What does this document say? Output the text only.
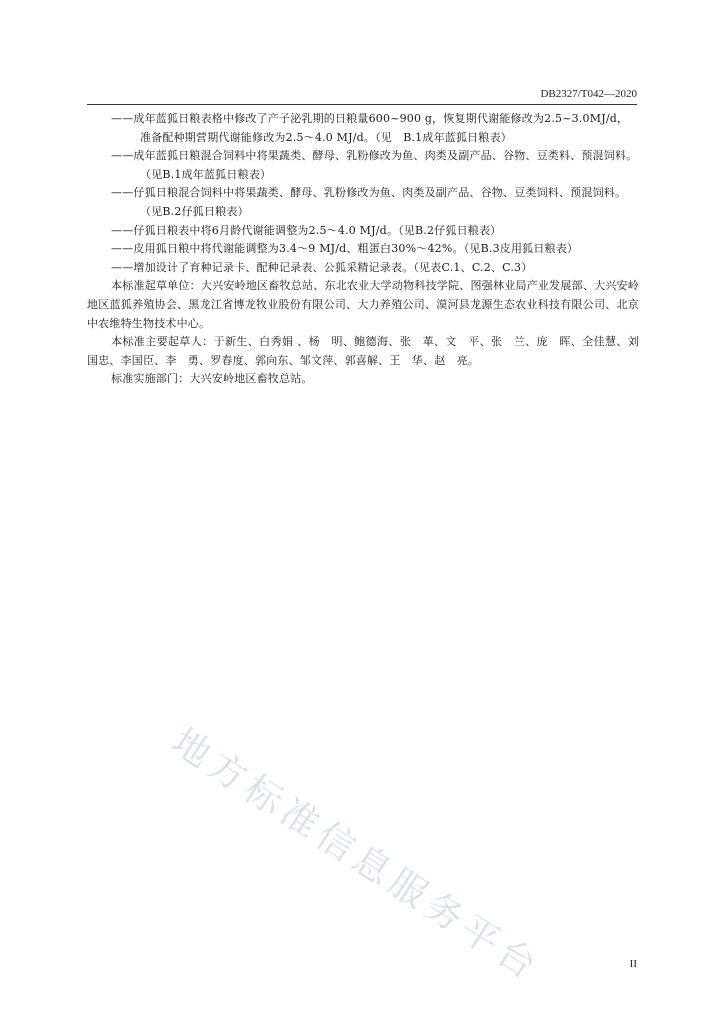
DB2327/T042—2020

——成年蓝狐日粮表格中修改了产子泌乳期的日粮量600~900 g，恢复期代谢能修改为2.5~3.0MJ/d，准备配种期营期代谢能修改为2.5～4.0 MJ/d。（见　B.1成年蓝狐日粮表）

——成年蓝狐日粮混合饲料中将果蔬类、酵母、乳粉修改为鱼、肉类及副产品、谷物、豆类料、预混饲料。（见B.1成年蓝狐日粮表）

——仔狐日粮混合饲料中将果蔬类、酵母、乳粉修改为鱼、肉类及副产品、谷物、豆类饲料、预混饲料。（见B.2仔狐日粮表）

——仔狐日粮表中将6月龄代谢能调整为2.5～4.0 MJ/d。（见B.2仔狐日粮表）

——皮用狐日粮中将代谢能调整为3.4～9 MJ/d、粗蛋白30%～42%。（见B.3皮用狐日粮表）

——增加设计了育种记录卡、配种记录表、公狐采精记录表。（见表C.1、C.2、C.3）

本标准起草单位：大兴安岭地区畜牧总站、东北农业大学动物科技学院、图强林业局产业发展部、大兴安岭地区蓝狐养殖协会、黑龙江省博龙牧业股份有限公司、大力养殖公司、漠河县龙源生态农业科技有限公司、北京中农维特生物技术中心。

本标准主要起草人：于新生、白秀娟 、杨　明、鲍德海、张　革、文　平、张　兰、庞　晖、全佳慧、刘国忠、李国臣、李　勇、罗春度、郭向东、邹文萍、郭喜解、王　华、赵　亮。

标准实施部门：大兴安岭地区畜牧总站。

地方标准信息服务平台	II
